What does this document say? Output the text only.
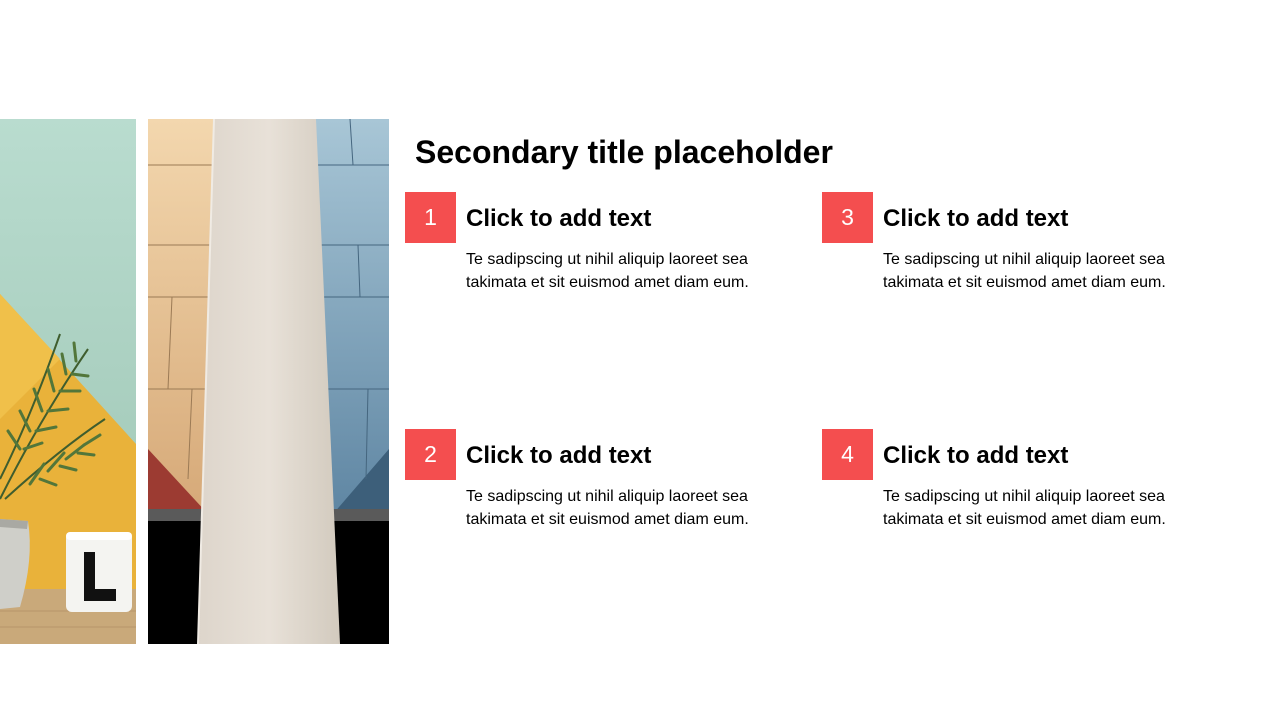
Secondary title placeholder
1	Click to add text
Te sadipscing ut nihil aliquip laoreet sea takimata et sit euismod amet diam eum.
2	Click to add text
Te sadipscing ut nihil aliquip laoreet sea takimata et sit euismod amet diam eum.
3	Click to add text
Te sadipscing ut nihil aliquip laoreet sea takimata et sit euismod amet diam eum.
4	Click to add text
Te sadipscing ut nihil aliquip laoreet sea takimata et sit euismod amet diam eum.
